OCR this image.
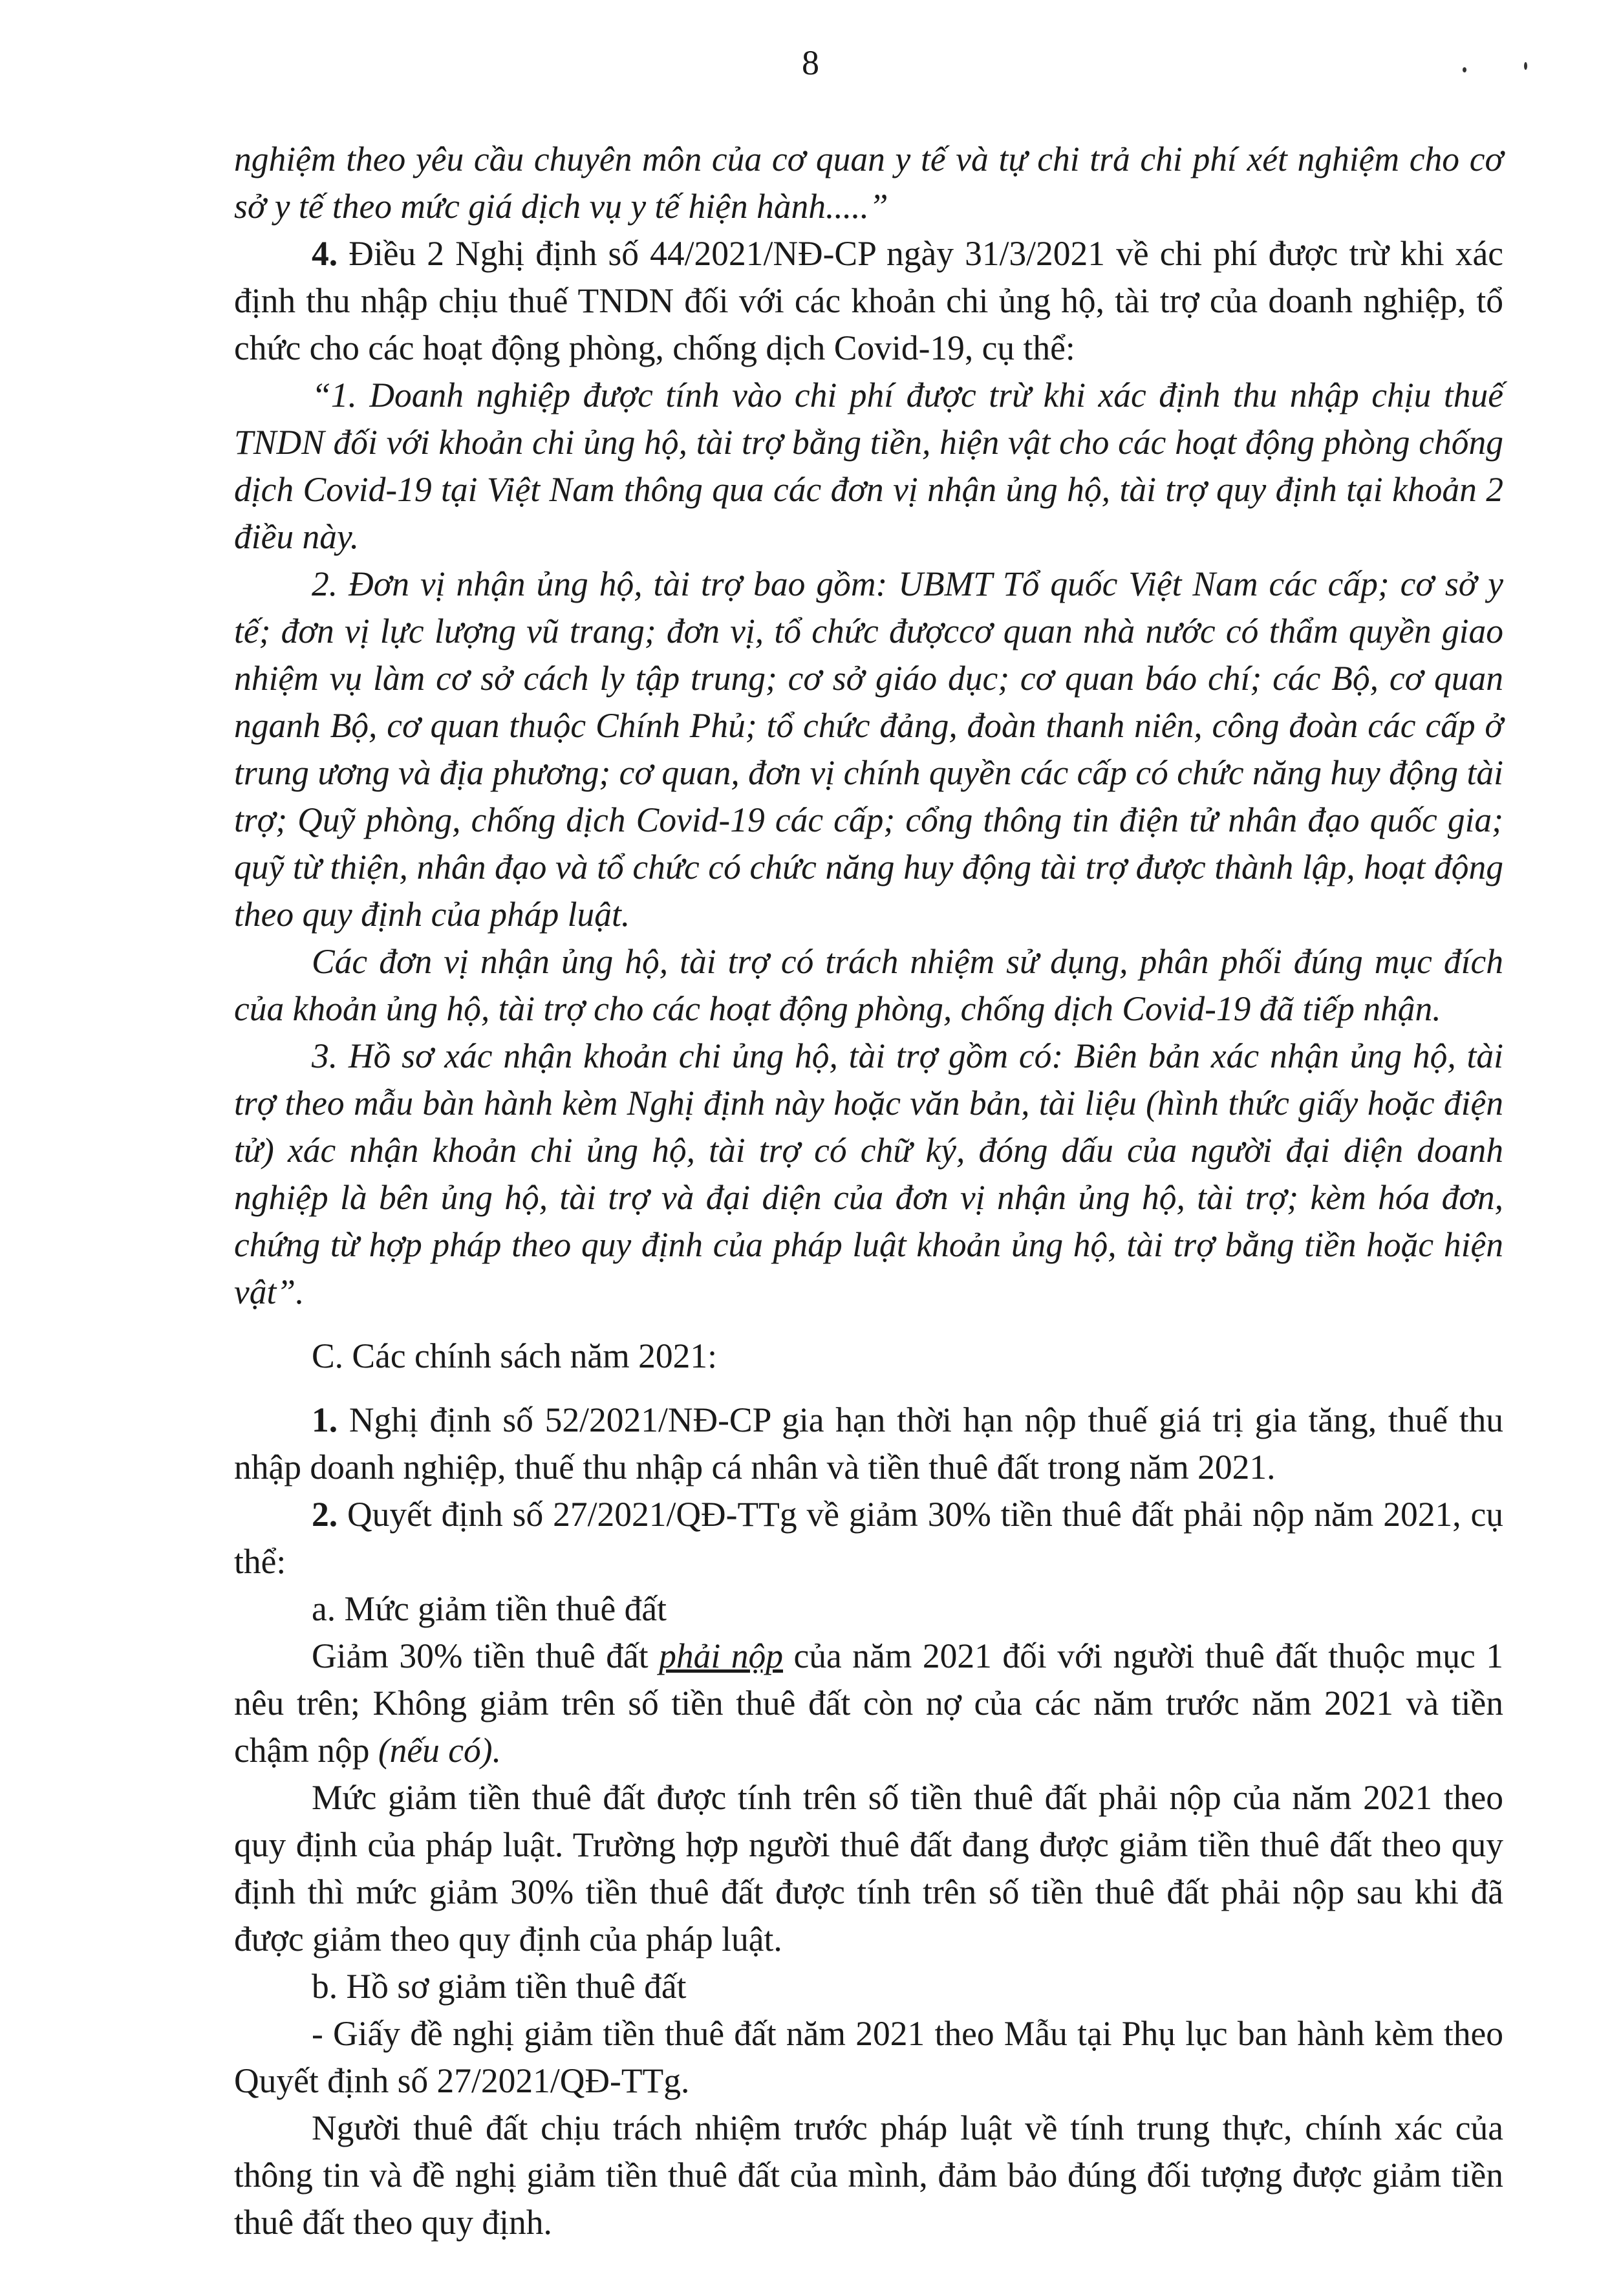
8

nghiệm theo yêu cầu chuyên môn của cơ quan y tế và tự chi trả chi phí xét nghiệm cho cơ sở y tế theo mức giá dịch vụ y tế hiện hành.....”

4. Điều 2 Nghị định số 44/2021/NĐ-CP ngày 31/3/2021 về chi phí được trừ khi xác định thu nhập chịu thuế TNDN đối với các khoản chi ủng hộ, tài trợ của doanh nghiệp, tổ chức cho các hoạt động phòng, chống dịch Covid-19, cụ thể:

“1. Doanh nghiệp được tính vào chi phí được trừ khi xác định thu nhập chịu thuế TNDN đối với khoản chi ủng hộ, tài trợ bằng tiền, hiện vật cho các hoạt động phòng chống dịch Covid-19 tại Việt Nam thông qua các đơn vị nhận ủng hộ, tài trợ quy định tại khoản 2 điều này.

2. Đơn vị nhận ủng hộ, tài trợ bao gồm: UBMT Tổ quốc Việt Nam các cấp; cơ sở y tế; đơn vị lực lượng vũ trang; đơn vị, tổ chức đượccơ quan nhà nước có thẩm quyền giao nhiệm vụ làm cơ sở cách ly tập trung; cơ sở giáo dục; cơ quan báo chí; các Bộ, cơ quan nganh Bộ, cơ quan thuộc Chính Phủ; tổ chức đảng, đoàn thanh niên, công đoàn các cấp ở trung ương và địa phương; cơ quan, đơn vị chính quyền các cấp có chức năng huy động tài trợ; Quỹ phòng, chống dịch Covid-19 các cấp; cổng thông tin điện tử nhân đạo quốc gia; quỹ từ thiện, nhân đạo và tổ chức có chức năng huy động tài trợ được thành lập, hoạt động theo quy định của pháp luật.

Các đơn vị nhận ủng hộ, tài trợ có trách nhiệm sử dụng, phân phối đúng mục đích của khoản ủng hộ, tài trợ cho các hoạt động phòng, chống dịch Covid-19 đã tiếp nhận.

3. Hồ sơ xác nhận khoản chi ủng hộ, tài trợ gồm có: Biên bản xác nhận ủng hộ, tài trợ theo mẫu bàn hành kèm Nghị định này hoặc văn bản, tài liệu (hình thức giấy hoặc điện tử) xác nhận khoản chi ủng hộ, tài trợ có chữ ký, đóng dấu của người đại diện doanh nghiệp là bên ủng hộ, tài trợ và đại diện của đơn vị nhận ủng hộ, tài trợ; kèm hóa đơn, chứng từ hợp pháp theo quy định của pháp luật khoản ủng hộ, tài trợ bằng tiền hoặc hiện vật”.

C. Các chính sách năm 2021:

1. Nghị định số 52/2021/NĐ-CP gia hạn thời hạn nộp thuế giá trị gia tăng, thuế thu nhập doanh nghiệp, thuế thu nhập cá nhân và tiền thuê đất trong năm 2021.

2. Quyết định số 27/2021/QĐ-TTg về giảm 30% tiền thuê đất phải nộp năm 2021, cụ thể:

a. Mức giảm tiền thuê đất

Giảm 30% tiền thuê đất phải nộp của năm 2021 đối với người thuê đất thuộc mục 1 nêu trên; Không giảm trên số tiền thuê đất còn nợ của các năm trước năm 2021 và tiền chậm nộp (nếu có).

Mức giảm tiền thuê đất được tính trên số tiền thuê đất phải nộp của năm 2021 theo quy định của pháp luật. Trường hợp người thuê đất đang được giảm tiền thuê đất theo quy định thì mức giảm 30% tiền thuê đất được tính trên số tiền thuê đất phải nộp sau khi đã được giảm theo quy định của pháp luật.

b. Hồ sơ giảm tiền thuê đất

- Giấy đề nghị giảm tiền thuê đất năm 2021 theo Mẫu tại Phụ lục ban hành kèm theo Quyết định số 27/2021/QĐ-TTg.

Người thuê đất chịu trách nhiệm trước pháp luật về tính trung thực, chính xác của thông tin và đề nghị giảm tiền thuê đất của mình, đảm bảo đúng đối tượng được giảm tiền thuê đất theo quy định.
